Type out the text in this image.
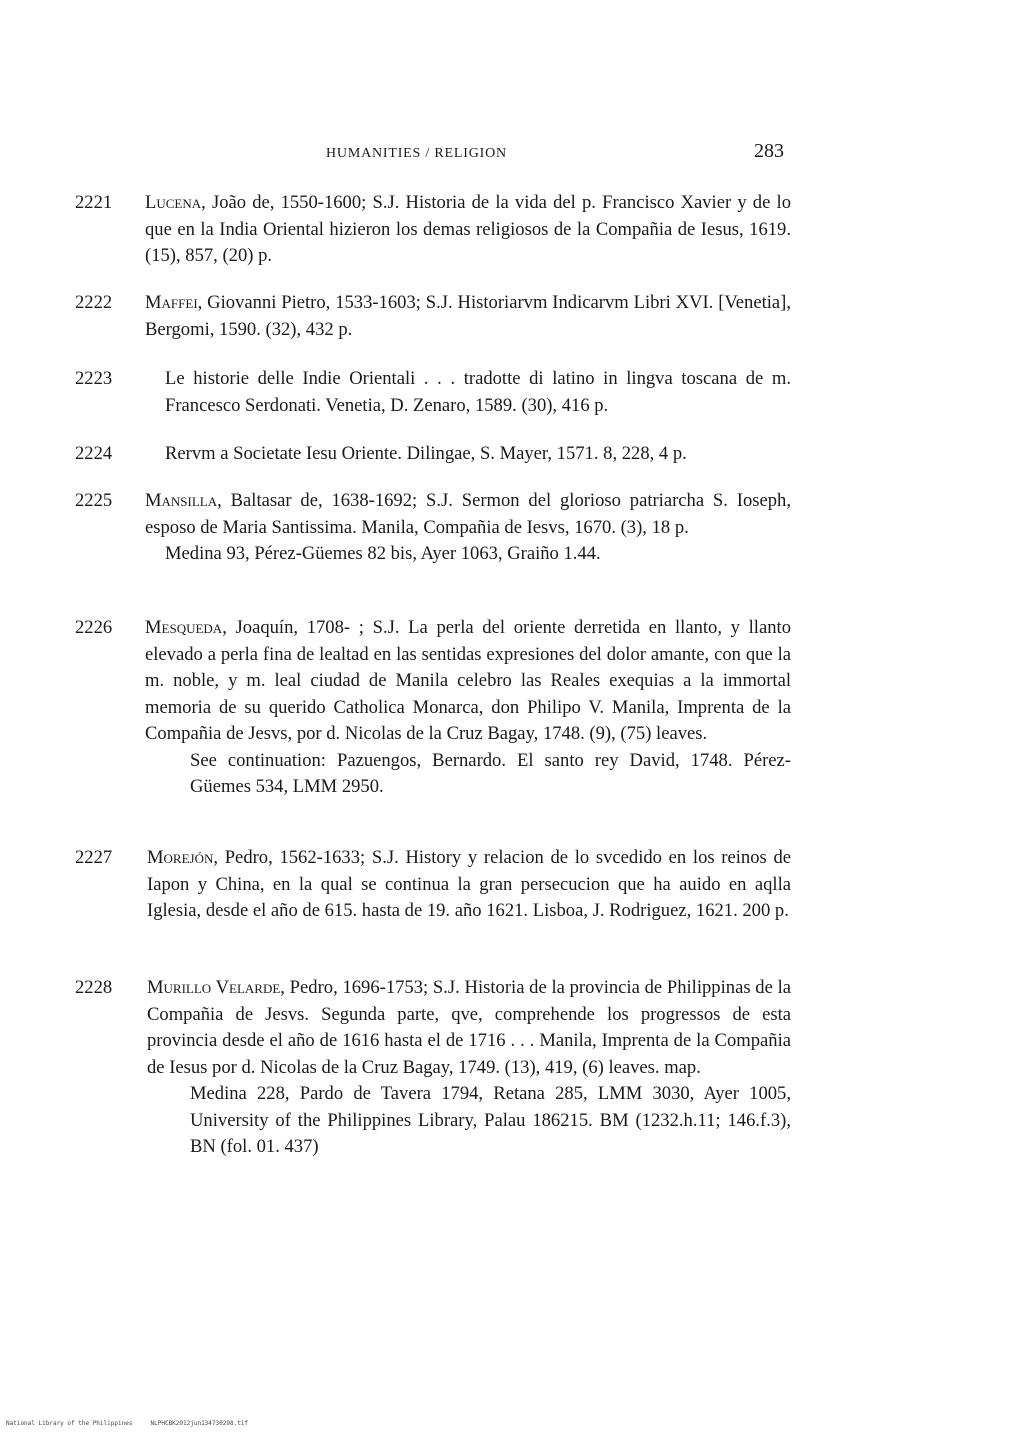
HUMANITIES / RELIGION	283
2221	Lucena, João de, 1550-1600; S.J. Historia de la vida del p. Francisco Xavier y de lo que en la India Oriental hizieron los demas religiosos de la Compañia de Iesus, 1619. (15), 857, (20) p.
2222	Maffei, Giovanni Pietro, 1533-1603; S.J. Historiarvm Indicarvm Libri XVI. [Venetia], Bergomi, 1590. (32), 432 p.
2223	Le historie delle Indie Orientali . . . tradotte di latino in lingva toscana de m. Francesco Serdonati. Venetia, D. Zenaro, 1589. (30), 416 p.
2224	Rervm a Societate Iesu Oriente. Dilingae, S. Mayer, 1571. 8, 228, 4 p.
2225	Mansilla, Baltasar de, 1638-1692; S.J. Sermon del glorioso patriarcha S. Ioseph, esposo de Maria Santissima. Manila, Compañia de Iesvs, 1670. (3), 18 p.
Medina 93, Pérez-Güemes 82 bis, Ayer 1063, Graiño 1.44.
2226	Mesqueda, Joaquín, 1708- ; S.J. La perla del oriente derretida en llanto, y llanto elevado a perla fina de lealtad en las sentidas expresiones del dolor amante, con que la m. noble, y m. leal ciudad de Manila celebro las Reales exequias a la immortal memoria de su querido Catholica Monarca, don Philipo V. Manila, Imprenta de la Compañia de Jesvs, por d. Nicolas de la Cruz Bagay, 1748. (9), (75) leaves.
See continuation: Pazuengos, Bernardo. El santo rey David, 1748. Pérez-Güemes 534, LMM 2950.
2227	Morejón, Pedro, 1562-1633; S.J. History y relacion de lo svcedido en los reinos de Iapon y China, en la qual se continua la gran persecucion que ha auido en aqlla Iglesia, desde el año de 615. hasta de 19. año 1621. Lisboa, J. Rodriguez, 1621. 200 p.
2228	Murillo Velarde, Pedro, 1696-1753; S.J. Historia de la provincia de Philippinas de la Compañia de Jesvs. Segunda parte, qve, comprehende los progressos de esta provincia desde el año de 1616 hasta el de 1716 . . . Manila, Imprenta de la Compañia de Iesus por d. Nicolas de la Cruz Bagay, 1749. (13), 419, (6) leaves. map.
Medina 228, Pardo de Tavera 1794, Retana 285, LMM 3030, Ayer 1005, University of the Philippines Library, Palau 186215. BM (1232.h.11; 146.f.3), BN (fol. 01. 437)
National Library of the Philippines     NLPHCBK2012jun134730298.tif
